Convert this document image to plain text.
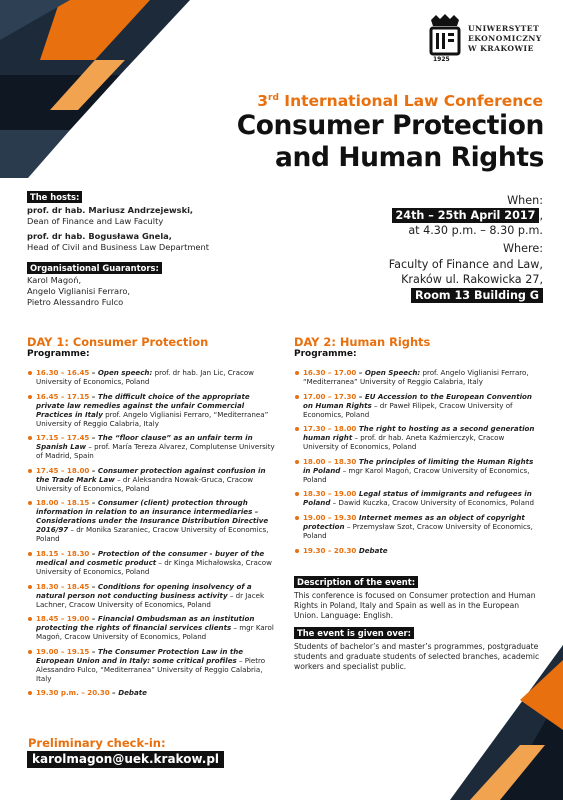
1925
UNIWERSYTET
EKONOMICZNY
W KRAKOWIE
3rd International Law Conference
Consumer Protection
and Human Rights
The hosts:
prof. dr hab. Mariusz Andrzejewski,
Dean of Finance and Law Faculty
prof. dr hab. Bogusława Gnela,
Head of Civil and Business Law Department
Organisational Guarantors:
Karol Magoń,
Angelo Viglianisi Ferraro,
Pietro Alessandro Fulco
When:
24th – 25th April 2017 ,
at 4.30 p.m. – 8.30 p.m.
Where:
Faculty of Finance and Law,
Kraków ul. Rakowicka 27,
Room 13 Building G
DAY 1: Consumer Protection
Programme:
16.30 – 16.45 – Open speech: prof. dr hab. Jan Lic, Cracow University of Economics, Poland
16.45 – 17.15 – The difficult choice of the appropriate private law remedies against the unfair Commercial Practices in Italy prof. Angelo Viglianisi Ferraro, “Mediterranea” University of Reggio Calabria, Italy
17.15 – 17.45 – The “floor clause” as an unfair term in Spanish Law – prof. María Tereza Alvarez, Complutense University of Madrid, Spain
17.45 – 18.00 – Consumer protection against confusion in the Trade Mark Law – dr Aleksandra Nowak-Gruca, Cracow University of Economics, Poland
18.00 – 18.15 – Consumer (client) protection through information in relation to an insurance intermediaries – Considerations under the Insurance Distribution Directive 2016/97 – dr Monika Szaraniec, Cracow University of Economics, Poland
18.15 – 18.30 – Protection of the consumer - buyer of the medical and cosmetic product – dr Kinga Michałowska, Cracow University of Economics, Poland
18.30 – 18.45 – Conditions for opening insolvency of a natural person not conducting business activity – dr Jacek Lachner, Cracow University of Economics, Poland
18.45 – 19.00 – Financial Ombudsman as an institution protecting the rights of financial services clients – mgr Karol Magoń, Cracow University of Economics, Poland
19.00 – 19.15 – The Consumer Protection Law in the European Union and in Italy: some critical profiles – Pietro Alessandro Fulco, “Mediterranea” University of Reggio Calabria, Italy
19.30 p.m. – 20.30 – Debate
DAY 2: Human Rights
Programme:
16.30 – 17.00 – Open Speech: prof. Angelo Viglianisi Ferraro, “Mediterranea” University of Reggio Calabria, Italy
17.00 – 17.30 – EU Accession to the European Convention on Human Rights – dr Paweł Filipek, Cracow University of Economics, Poland
17.30 – 18.00 The right to hosting as a second generation human right – prof. dr hab. Aneta Kaźmierczyk, Cracow University of Economics, Poland
18.00 – 18.30 The principles of limiting the Human Rights in Poland – mgr Karol Magoń, Cracow University of Economics, Poland
18.30 – 19.00 Legal status of immigrants and refugees in Poland – Dawid Kuczka, Cracow University of Economics, Poland
19.00 – 19.30 Internet memes as an object of copyright protection – Przemysław Szot, Cracow University of Economics, Poland
19.30 – 20.30 Debate
Description of the event:
This conference is focused on Consumer protection and Human Rights in Poland, Italy and Spain as well as in the European Union. Language: English.
The event is given over:
Students of bachelor’s and master’s programmes, postgraduate students and graduate students of selected branches, academic workers and specialist public.
Preliminary check-in:
karolmagon@uek.krakow.pl
